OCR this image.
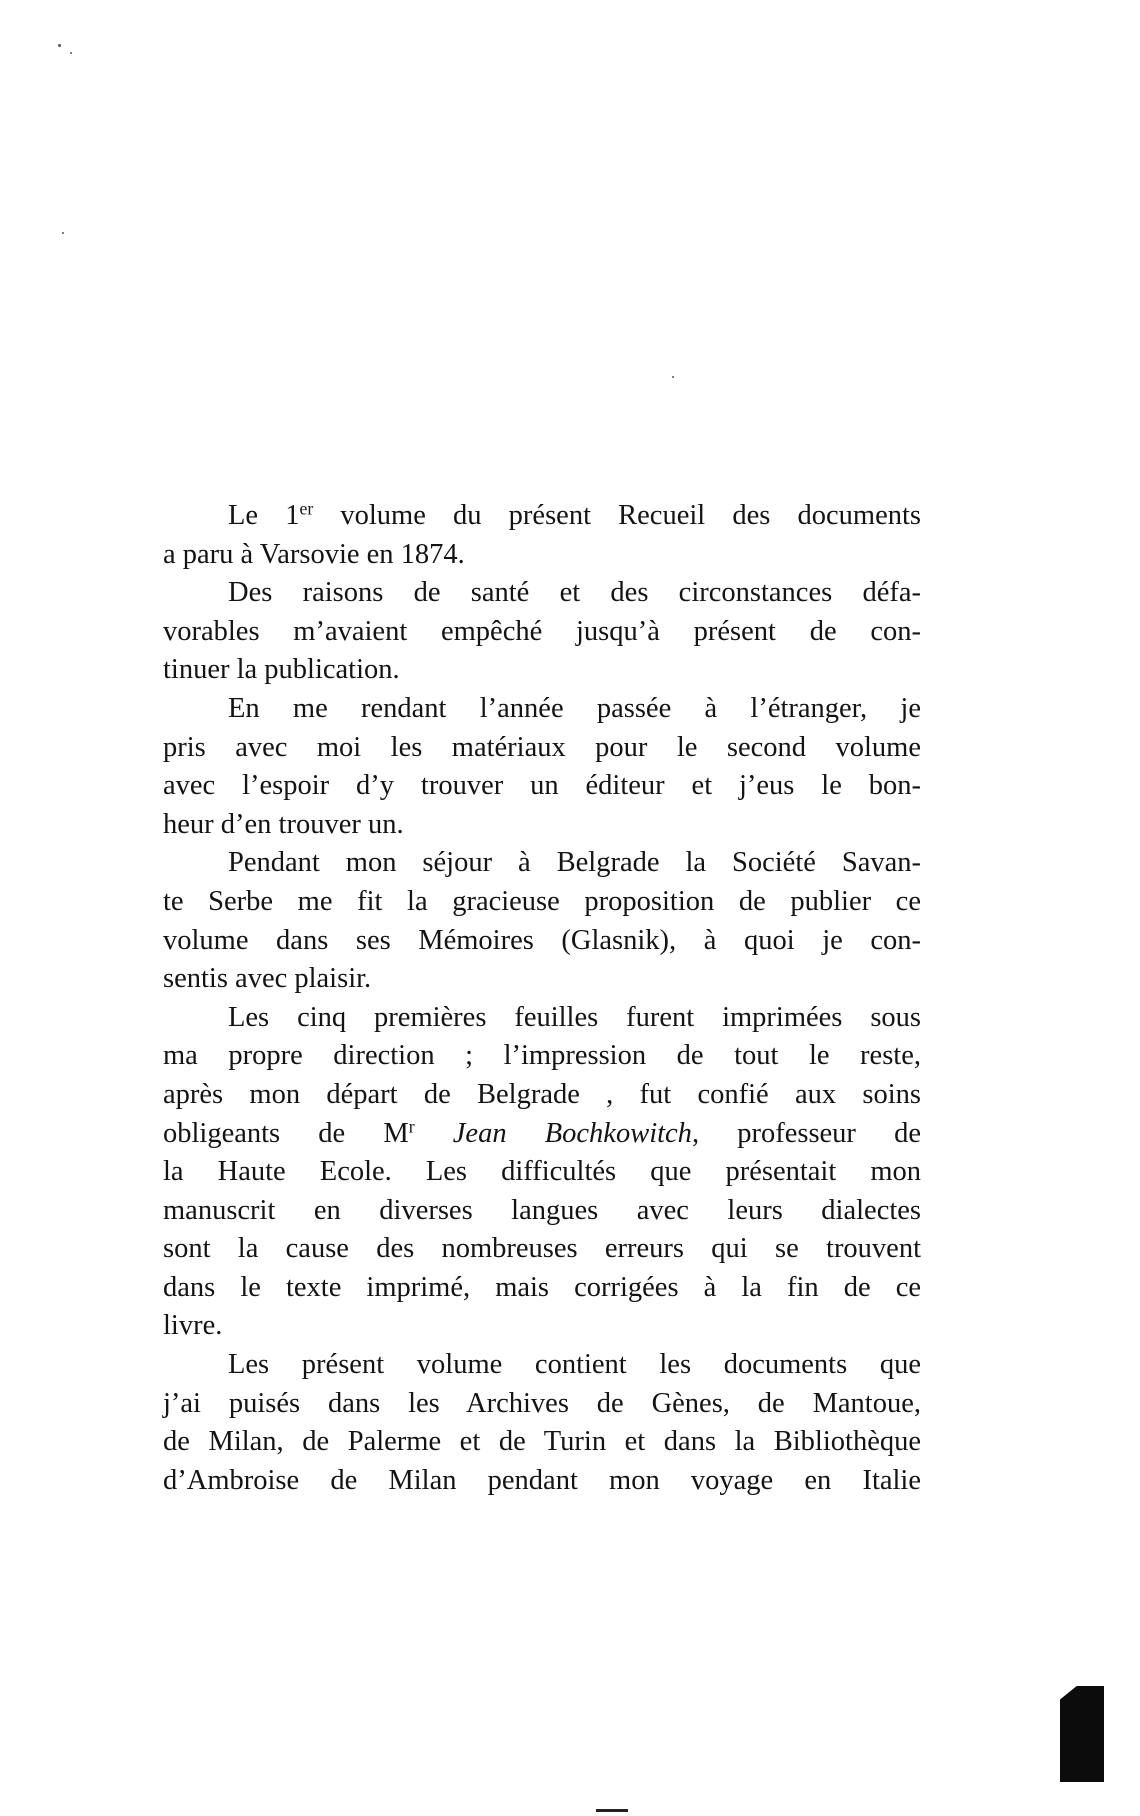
Le 1er volume du présent Recueil des documents
a paru à Varsovie en 1874.
Des raisons de santé et des circonstances défa-
vorables m’avaient empêché jusqu’à présent de con-
tinuer la publication.
En me rendant l’année passée à l’étranger, je
pris avec moi les matériaux pour le second volume
avec l’espoir d’y trouver un éditeur et j’eus le bon-
heur d’en trouver un.
Pendant mon séjour à Belgrade la Société Savan-
te Serbe me fit la gracieuse proposition de publier ce
volume dans ses Mémoires (Glasnik), à quoi je con-
sentis avec plaisir.
Les cinq premières feuilles furent imprimées sous
ma propre direction ; l’impression de tout le reste,
après mon départ de Belgrade , fut confié aux soins
obligeants de $M^r$ Jean Bochkowitch, professeur de
la Haute Ecole. Les difficultés que présentait mon
manuscrit en diverses langues avec leurs dialectes
sont la cause des nombreuses erreurs qui se trouvent
dans le texte imprimé, mais corrigées à la fin de ce
livre.
Les présent volume contient les documents que
j’ai puisés dans les Archives de Gènes, de Mantoue,
de Milan, de Palerme et de Turin et dans la Bibliothèque
d’Ambroise de Milan pendant mon voyage en Italie
